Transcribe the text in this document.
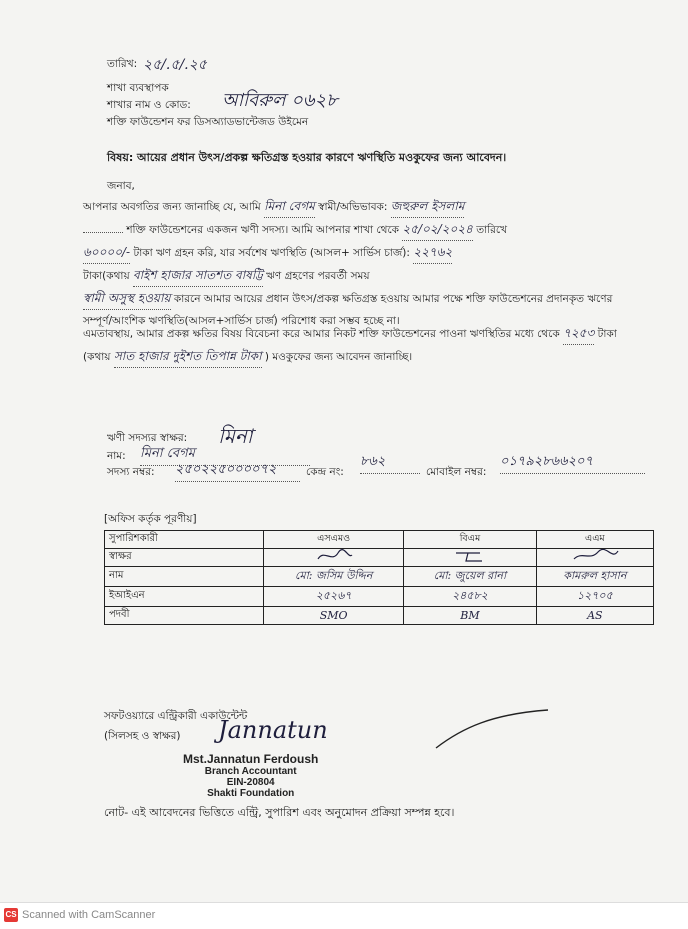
তারিখ: ২৫/.৫/.২৫
শাখা ব্যবস্থাপক
শাখার নাম ও কোড: আবিরুল ০৬২৮
শক্তি ফাউন্ডেশন ফর ডিসঅ্যাডভান্টেজড উইমেন
বিষয়: আয়ের প্রধান উৎস/প্রকল্প ক্ষতিগ্রস্ত হওয়ার কারণে ঋণস্থিতি মওকুফের জন্য আবেদন।
জনাব,
আপনার অবগতির জন্য জানাচ্ছি যে, আমি মিনা বেগম স্বামী/অভিভাবক: জহুরুল ইসলাম
শক্তি ফাউন্ডেশনের একজন ঋণী সদস্য। আমি আপনার শাখা থেকে ২৫/০২/২০২৪ তারিখে
৬০০০০/- টাকা ঋণ গ্রহন করি, যার সর্বশেষ ঋণস্থিতি (আসল+ সার্ভিস চার্জ): ২২৭৬২
টাকা(কথায় বাইশ হাজার সাতশত বাষট্টি ঋণ গ্রহণের পরবর্তী সময়
স্বামী অসুস্থ হওয়ায় কারনে আমার আয়ের প্রধান উৎস/প্রকল্প ক্ষতিগ্রস্ত হওয়ায় আমার পক্ষে শক্তি ফাউন্ডেশনের প্রদানকৃত ঋণের সম্পূর্ণ/আংশিক ঋণস্থিতি(আসল+সার্ভিস চার্জ) পরিশোধ করা সম্ভব হচ্ছে না।
এমতাবস্থায়, আমার প্রকল্প ক্ষতির বিষয় বিবেচনা করে আমার নিকট শক্তি ফাউন্ডেশনের পাওনা ঋণস্থিতির মধ্যে থেকে ৭২৫৩ টাকা (কথায় সাত হাজার দুইশত তিপান্ন টাকা ) মওকুফের জন্য আবেদন জানাচ্ছি।
ঋণী সদস্যর স্বাক্ষর: মিনা
নাম: মিনা বেগম
সদস্য নম্বর: ২৫০২২৫০০০০৭২	কেন্দ্র নং:
৮৬২
মোবাইল নম্বর:
০১৭৯২৮৬৬২০৭
[অফিস কর্তৃক পূরণীয়]
সুপারিশকারী	এসএমও	বিএম	এএম
স্বাক্ষর			
নাম	মো: জসিম উদ্দিন	মো: জুয়েল রানা	কামরুল হাসান
ইআইএন	২৫২৬৭	২৪৫৮২	১২৭০৫
পদবী	SMO	BM	AS
সফটওয়্যারে এন্ট্রিকারী একাউন্টেন্ট
(সিলসহ ও স্বাক্ষর) Jannatun
Mst.Jannatun Ferdoush
Branch Accountant
EIN-20804
Shakti Foundation
নোট- এই আবেদনের ভিত্তিতে এন্ট্রি, সুপারিশ এবং অনুমোদন প্রক্রিয়া সম্পন্ন হবে।
CS Scanned with CamScanner
